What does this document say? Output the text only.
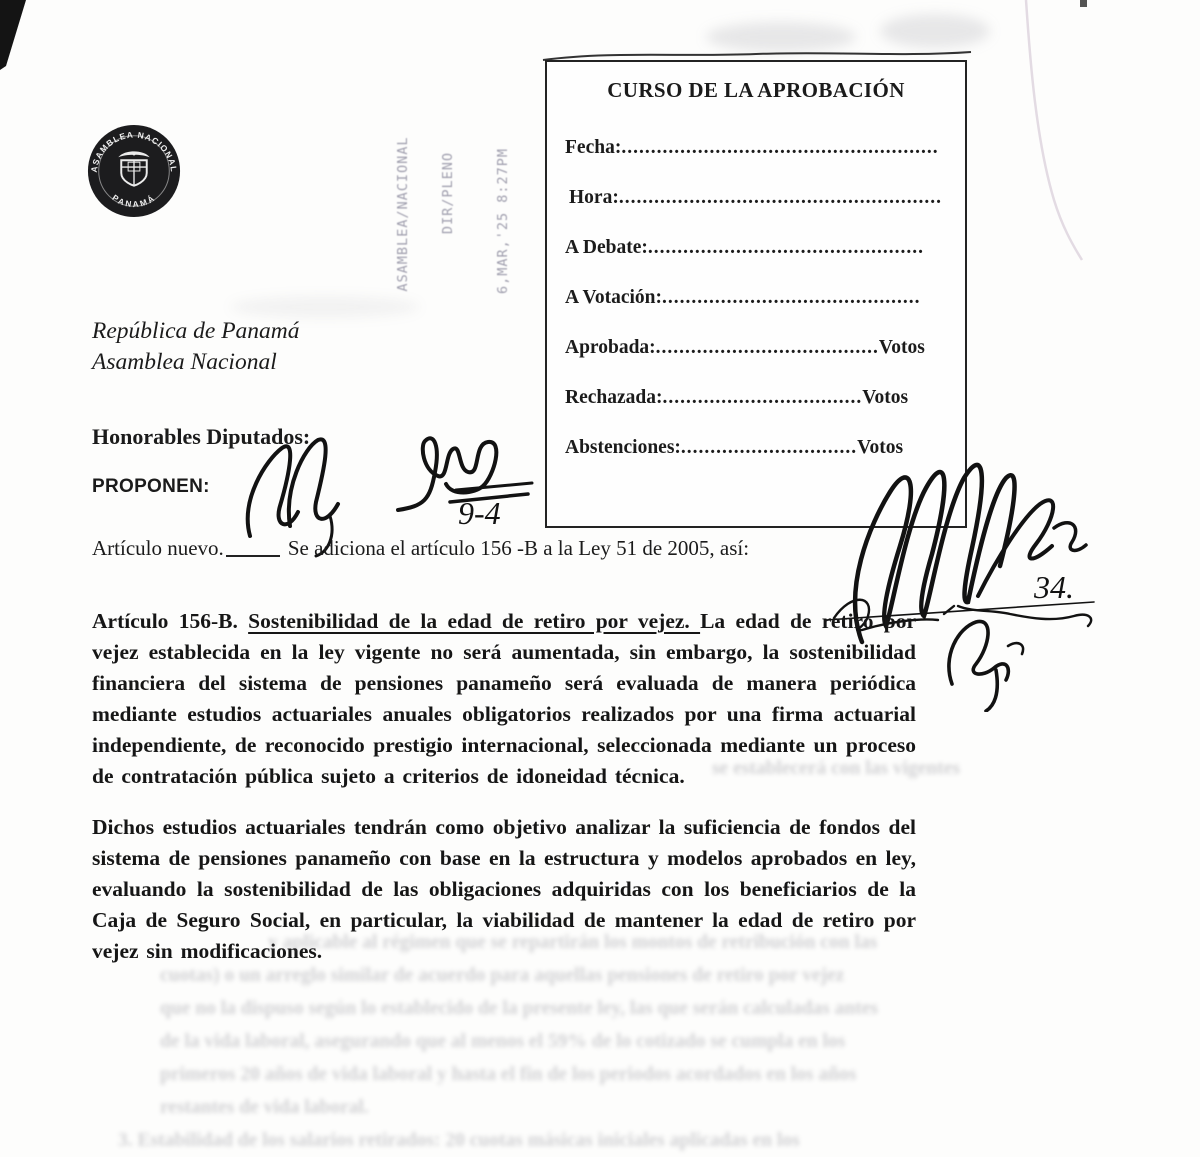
ASAMBLEA NACIONAL
PANAMÁ	ASAMBLEA/NACIONAL DIR/PLENO	6,MAR,'25 8:27PM
CURSO DE LA APROBACIÓN
Fecha: ......................................................
Hora: .......................................................
A Debate: ...............................................
A Votación: ............................................
Aprobada: ...................................... Votos
Rechazada: .................................. Votos
Abstenciones: .............................. Votos
República de Panamá
Asamblea Nacional
Honorables Diputados:
PROPONEN:
9-4
Artículo nuevo.	Se adiciona el artículo 156 -B a la Ley 51 de 2005, así:
34.
Artículo 156-B. Sostenibilidad de la edad de retiro por vejez. La edad de retiro por vejez establecida en la ley vigente no será aumentada, sin embargo, la sostenibilidad financiera del sistema de pensiones panameño será evaluada de manera periódica mediante estudios actuariales anuales obligatorios realizados por una firma actuarial independiente, de reconocido prestigio internacional, seleccionada mediante un proceso de contratación pública sujeto a criterios de idoneidad técnica.
Dichos estudios actuariales tendrán como objetivo analizar la suficiencia de fondos del sistema de pensiones panameño con base en la estructura y modelos aprobados en ley, evaluando la sostenibilidad de las obligaciones adquiridas con los beneficiarios de la Caja de Seguro Social, en particular, la viabilidad de mantener la edad de retiro por vejez sin modificaciones.
se establecerá con las vigentes
y aplicable al régimen que se repartirán los montos de retribución con las
cuotas) o un arreglo similar de acuerdo para aquellas pensiones de retiro por vejez
que no la dispuso según lo establecido de la presente ley, las que serán calculadas antes
de la vida laboral, asegurando que al menos el 59% de lo cotizado se cumpla en los
primeros 20 años de vida laboral y hasta el fin de los periodos acordados en los años
restantes de vida laboral.
3. Estabilidad de los salarios retirados: 20 cuotas másicas iniciales aplicadas en los
